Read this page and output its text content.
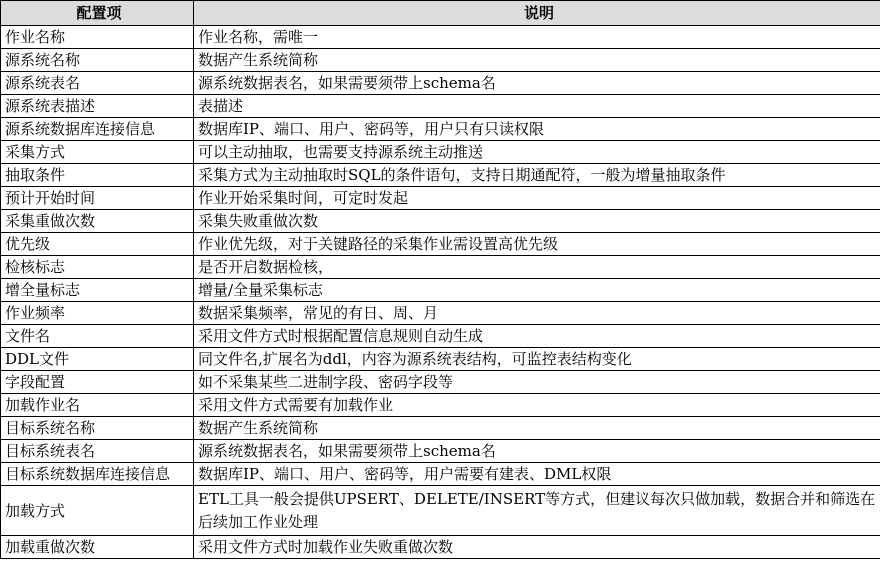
配置项	说明
作业名称	作业名称，需唯一
源系统名称	数据产生系统简称
源系统表名	源系统数据表名，如果需要须带上schema名
源系统表描述	表描述
源系统数据库连接信息	数据库IP、端口、用户、密码等，用户只有只读权限
采集方式	可以主动抽取，也需要支持源系统主动推送
抽取条件	采集方式为主动抽取时SQL的条件语句，支持日期通配符，一般为增量抽取条件
预计开始时间	作业开始采集时间，可定时发起
采集重做次数	采集失败重做次数
优先级	作业优先级，对于关键路径的采集作业需设置高优先级
检核标志	是否开启数据检核，
增全量标志	增量/全量采集标志
作业频率	数据采集频率，常见的有日、周、月
文件名	采用文件方式时根据配置信息规则自动生成
DDL文件	同文件名,扩展名为ddl，内容为源系统表结构，可监控表结构变化
字段配置	如不采集某些二进制字段、密码字段等
加载作业名	采用文件方式需要有加载作业
目标系统名称	数据产生系统简称
目标系统表名	源系统数据表名，如果需要须带上schema名
目标系统数据库连接信息	数据库IP、端口、用户、密码等，用户需要有建表、DML权限
加载方式	ETL工具一般会提供UPSERT、DELETE/INSERT等方式，但建议每次只做加载，数据合并和筛选在后续加工作业处理
加载重做次数	采用文件方式时加载作业失败重做次数
